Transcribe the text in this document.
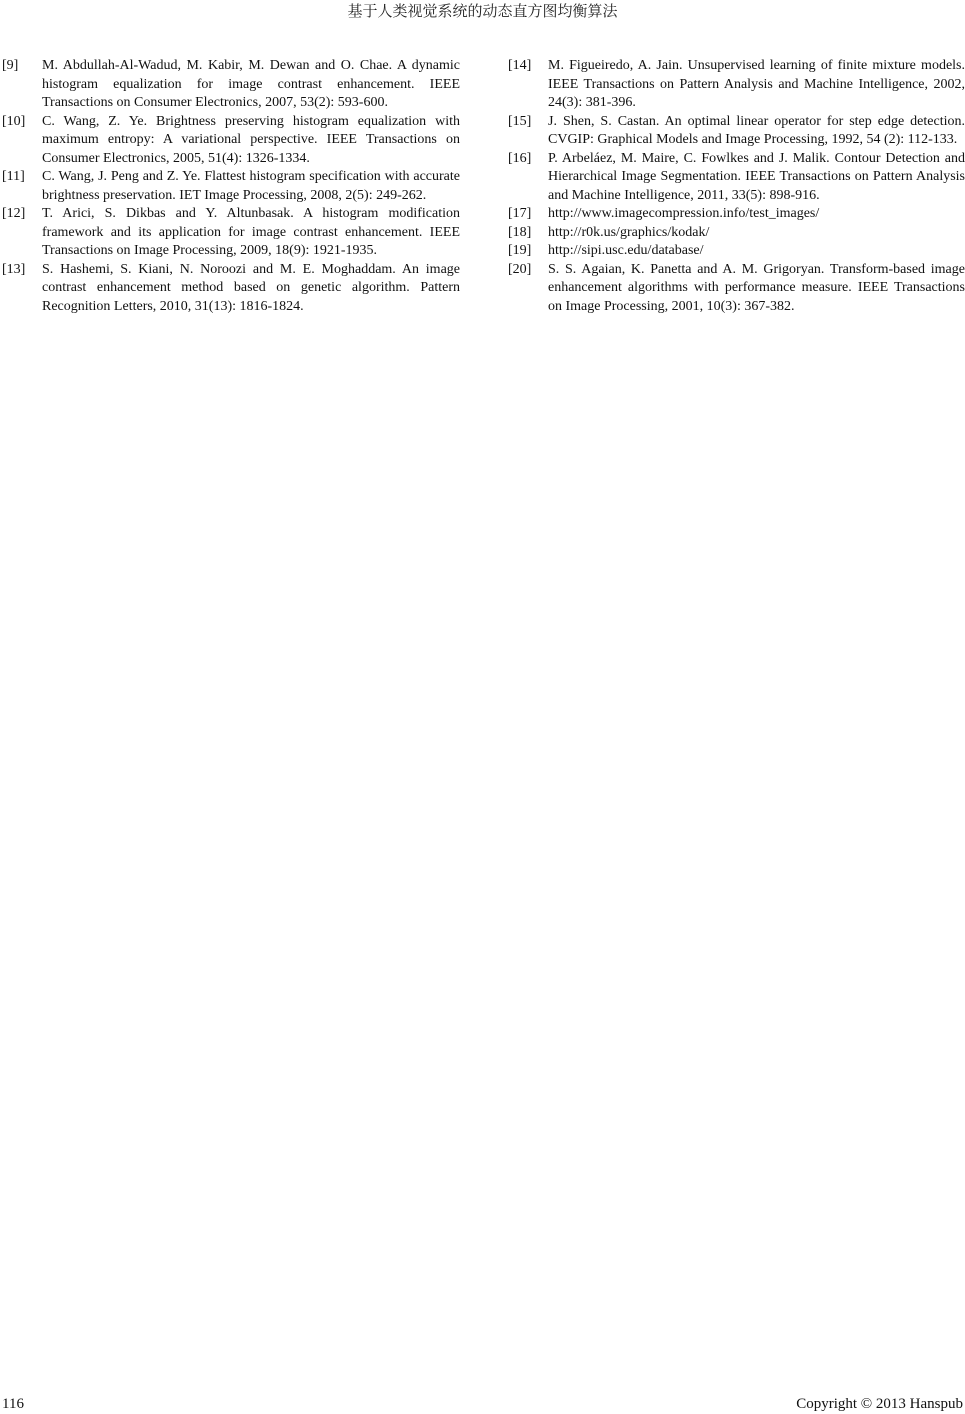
基于人类视觉系统的动态直方图均衡算法
[9]	M. Abdullah-Al-Wadud, M. Kabir, M. Dewan and O. Chae. A dynamic histogram equalization for image contrast enhancement. IEEE Transactions on Consumer Electronics, 2007, 53(2): 593-600.
[10]	C. Wang, Z. Ye. Brightness preserving histogram equalization with maximum entropy: A variational perspective. IEEE Transactions on Consumer Electronics, 2005, 51(4): 1326-1334.
[11]	C. Wang, J. Peng and Z. Ye. Flattest histogram specification with accurate brightness preservation. IET Image Processing, 2008, 2(5): 249-262.
[12]	T. Arici, S. Dikbas and Y. Altunbasak. A histogram modification framework and its application for image contrast enhancement. IEEE Transactions on Image Processing, 2009, 18(9): 1921-1935.
[13]	S. Hashemi, S. Kiani, N. Noroozi and M. E. Moghaddam. An image contrast enhancement method based on genetic algorithm. Pattern Recognition Letters, 2010, 31(13): 1816-1824.
[14]	M. Figueiredo, A. Jain. Unsupervised learning of finite mixture models. IEEE Transactions on Pattern Analysis and Machine Intelligence, 2002, 24(3): 381-396.
[15]	J. Shen, S. Castan. An optimal linear operator for step edge detection. CVGIP: Graphical Models and Image Processing, 1992, 54 (2): 112-133.
[16]	P. Arbeláez, M. Maire, C. Fowlkes and J. Malik. Contour Detection and Hierarchical Image Segmentation. IEEE Transactions on Pattern Analysis and Machine Intelligence, 2011, 33(5): 898-916.
[17]	http://www.imagecompression.info/test_images/
[18]	http://r0k.us/graphics/kodak/
[19]	http://sipi.usc.edu/database/
[20]	S. S. Agaian, K. Panetta and A. M. Grigoryan. Transform-based image enhancement algorithms with performance measure. IEEE Transactions on Image Processing, 2001, 10(3): 367-382.
116	Copyright © 2013 Hanspub
